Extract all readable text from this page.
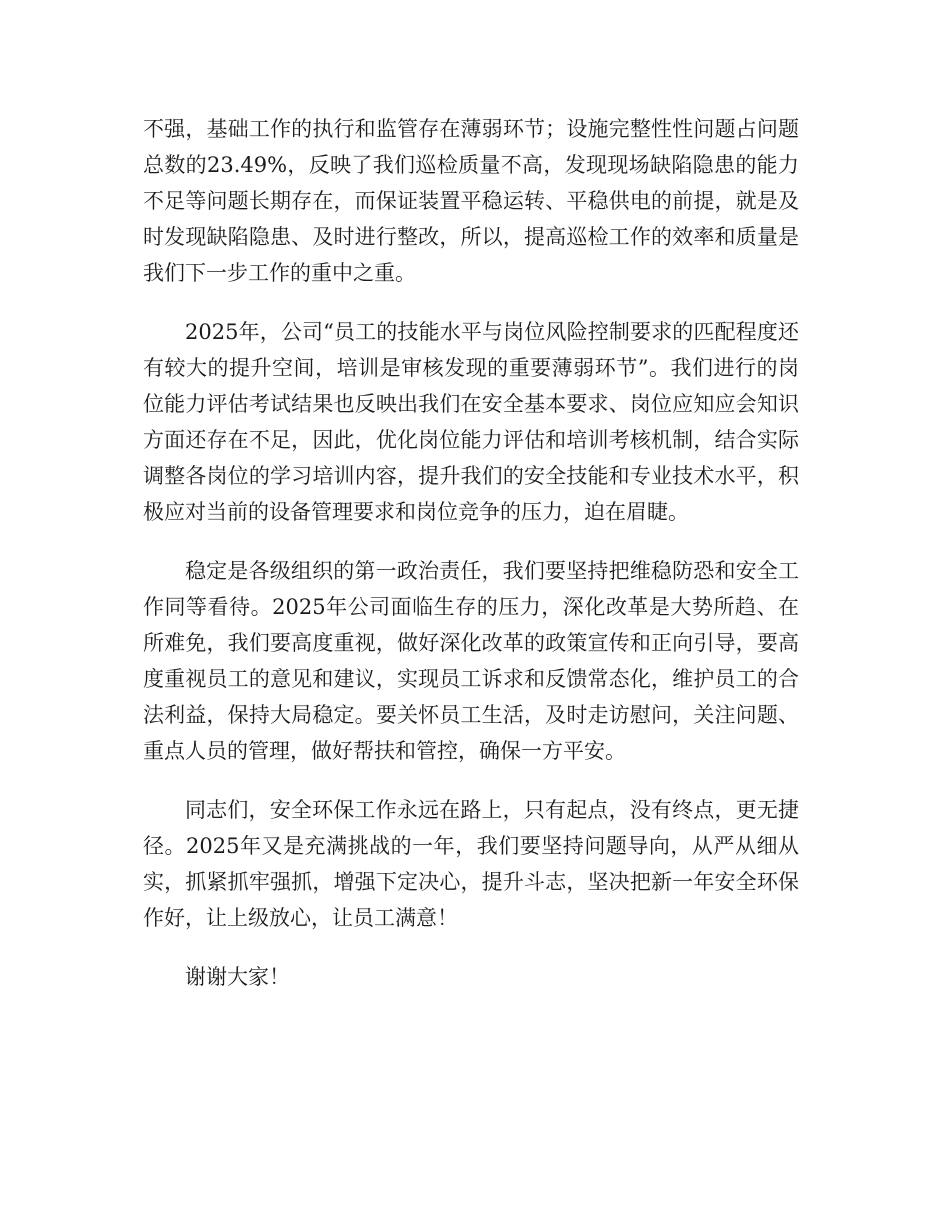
不强，基础工作的执行和监管存在薄弱环节；设施完整性性问题占问题总数的23.49%，反映了我们巡检质量不高，发现现场缺陷隐患的能力不足等问题长期存在，而保证装置平稳运转、平稳供电的前提，就是及时发现缺陷隐患、及时进行整改，所以，提高巡检工作的效率和质量是我们下一步工作的重中之重。

2025年，公司“员工的技能水平与岗位风险控制要求的匹配程度还有较大的提升空间，培训是审核发现的重要薄弱环节”。我们进行的岗位能力评估考试结果也反映出我们在安全基本要求、岗位应知应会知识方面还存在不足，因此，优化岗位能力评估和培训考核机制，结合实际调整各岗位的学习培训内容，提升我们的安全技能和专业技术水平，积极应对当前的设备管理要求和岗位竞争的压力，迫在眉睫。

稳定是各级组织的第一政治责任，我们要坚持把维稳防恐和安全工作同等看待。2025年公司面临生存的压力，深化改革是大势所趋、在所难免，我们要高度重视，做好深化改革的政策宣传和正向引导，要高度重视员工的意见和建议，实现员工诉求和反馈常态化，维护员工的合法利益，保持大局稳定。要关怀员工生活，及时走访慰问，关注问题、重点人员的管理，做好帮扶和管控，确保一方平安。

同志们，安全环保工作永远在路上，只有起点，没有终点，更无捷径。2025年又是充满挑战的一年，我们要坚持问题导向，从严从细从实，抓紧抓牢强抓，增强下定决心，提升斗志，坚决把新一年安全环保作好，让上级放心，让员工满意！

谢谢大家！
